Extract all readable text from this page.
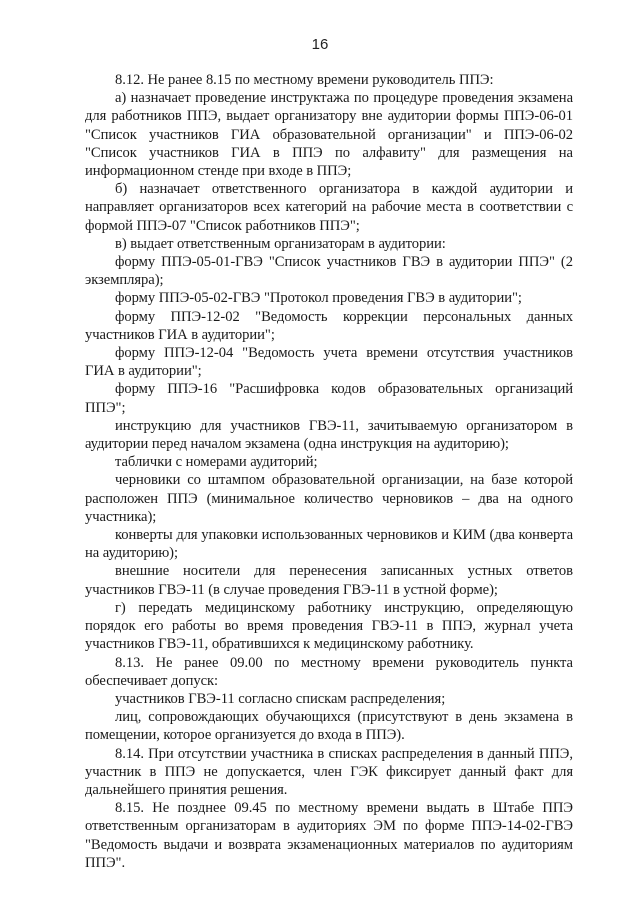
16

8.12. Не ранее 8.15 по местному времени руководитель ППЭ:

а) назначает проведение инструктажа по процедуре проведения экзамена для работников ППЭ, выдает организатору вне аудитории формы ППЭ-06-01 "Список участников ГИА образовательной организации" и ППЭ-06-02 "Список участников ГИА в ППЭ по алфавиту" для размещения на информационном стенде при входе в ППЭ;

б) назначает ответственного организатора в каждой аудитории и направляет организаторов всех категорий на рабочие места в соответствии с формой ППЭ-07 "Список работников ППЭ";

в) выдает ответственным организаторам в аудитории:

форму ППЭ-05-01-ГВЭ "Список участников ГВЭ в аудитории ППЭ" (2 экземпляра);

форму ППЭ-05-02-ГВЭ "Протокол проведения ГВЭ в аудитории";

форму ППЭ-12-02 "Ведомость коррекции персональных данных участников ГИА в аудитории";

форму ППЭ-12-04 "Ведомость учета времени отсутствия участников ГИА в аудитории";

форму ППЭ-16 "Расшифровка кодов образовательных организаций ППЭ";

инструкцию для участников ГВЭ-11, зачитываемую организатором в аудитории перед началом экзамена (одна инструкция на аудиторию);

таблички с номерами аудиторий;

черновики со штампом образовательной организации, на базе которой расположен ППЭ (минимальное количество черновиков – два на одного участника);

конверты для упаковки использованных черновиков и КИМ (два конверта на аудиторию);

внешние носители для перенесения записанных устных ответов участников ГВЭ-11 (в случае проведения ГВЭ-11 в устной форме);

г) передать медицинскому работнику инструкцию, определяющую порядок его работы во время проведения ГВЭ-11 в ППЭ, журнал учета участников ГВЭ-11, обратившихся к медицинскому работнику.

8.13. Не ранее 09.00 по местному времени руководитель пункта обеспечивает допуск:

участников ГВЭ-11 согласно спискам распределения;

лиц, сопровождающих обучающихся (присутствуют в день экзамена в помещении, которое организуется до входа в ППЭ).

8.14. При отсутствии участника в списках распределения в данный ППЭ, участник в ППЭ не допускается, член ГЭК фиксирует данный факт для дальнейшего принятия решения.

8.15. Не позднее 09.45 по местному времени выдать в Штабе ППЭ ответственным организаторам в аудиториях ЭМ по форме ППЭ-14-02-ГВЭ "Ведомость выдачи и возврата экзаменационных материалов по аудиториям ППЭ".
